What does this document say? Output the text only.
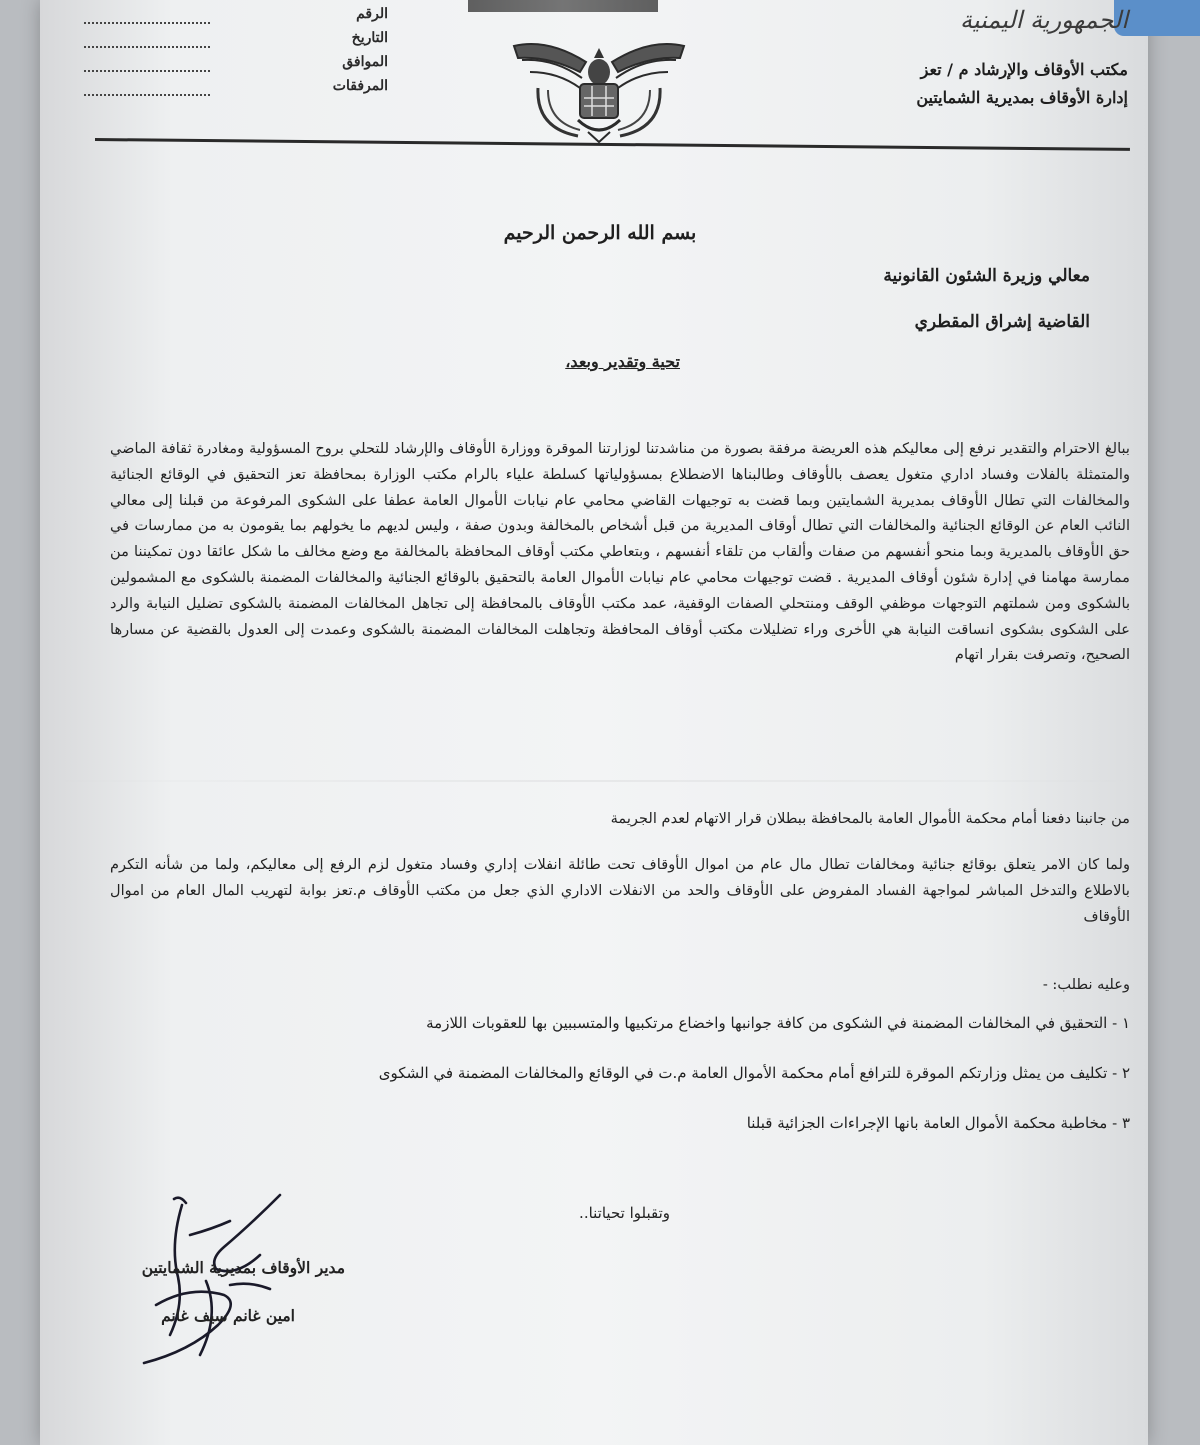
الجمهورية اليمنية
مكتب الأوقاف والإرشاد م / تعز
إدارة الأوقاف بمديرية الشمايتين
الرقم
التاريخ
الموافق
المرفقات
بسم الله الرحمن الرحيم
معالي وزيرة الشئون القانونية
القاضية إشراق المقطري
تحية وتقدير وبعد،

ببالغ الاحترام والتقدير نرفع إلى معاليكم هذه العريضة مرفقة بصورة من مناشدتنا لوزارتنا الموقرة ووزارة الأوقاف والإرشاد للتحلي بروح المسؤولية ومغادرة ثقافة الماضي والمتمثلة بالفلات وفساد اداري متغول يعصف بالأوقاف وطالبناها الاضطلاع بمسؤولياتها كسلطة علياء بالرام مكتب الوزارة بمحافظة تعز التحقيق في الوقائع الجنائية والمخالفات التي تطال الأوقاف بمديرية الشمايتين وبما قضت به توجيهات القاضي محامي عام نيابات الأموال العامة عطفا على الشكوى المرفوعة من قبلنا إلى معالي النائب العام عن الوقائع الجنائية والمخالفات التي تطال أوقاف المديرية من قبل أشخاص بالمخالفة وبدون صفة ، وليس لديهم ما يخولهم بما يقومون به من ممارسات في حق الأوقاف بالمديرية وبما منحو أنفسهم من صفات وألقاب من تلقاء أنفسهم ، وبتعاطي مكتب أوقاف المحافظة بالمخالفة مع وضع مخالف ما شكل عائقا دون تمكيننا من ممارسة مهامنا في إدارة شئون أوقاف المديرية . قضت توجيهات محامي عام نيابات الأموال العامة بالتحقيق بالوقائع الجنائية والمخالفات المضمنة بالشكوى مع المشمولين بالشكوى ومن شملتهم التوجهات موظفي الوقف ومنتحلي الصفات الوقفية، عمد مكتب الأوقاف بالمحافظة إلى تجاهل المخالفات المضمنة بالشكوى تضليل النيابة والرد على الشكوى بشكوى انساقت النيابة هي الأخرى وراء تضليلات مكتب أوقاف المحافظة وتجاهلت المخالفات المضمنة بالشكوى وعمدت إلى العدول بالقضية عن مسارها الصحيح، وتصرفت بقرار اتهام

من جانبنا دفعنا أمام محكمة الأموال العامة بالمحافظة ببطلان قرار الاتهام لعدم الجريمة

ولما كان الامر يتعلق بوقائع جنائية ومخالفات تطال مال عام من اموال الأوقاف تحت طائلة انفلات إداري وفساد متغول لزم الرفع إلى معاليكم، ولما من شأنه التكرم بالاطلاع والتدخل المباشر لمواجهة الفساد المفروض على الأوقاف والحد من الانفلات الاداري الذي جعل من مكتب الأوقاف م.تعز بوابة لتهريب المال العام من اموال الأوقاف

وعليه نطلب: -

١ - التحقيق في المخالفات المضمنة في الشكوى من كافة جوانبها واخضاع مرتكبيها والمتسببين بها للعقوبات اللازمة
٢ - تكليف من يمثل وزارتكم الموقرة للترافع أمام محكمة الأموال العامة م.ت في الوقائع والمخالفات المضمنة في الشكوى
٣ - مخاطبة محكمة الأموال العامة بانها الإجراءات الجزائية قبلنا
وتقبلوا تحياتنا..
مدير الأوقاف بمديرية الشمايتين
امين غانم سيف غانم
